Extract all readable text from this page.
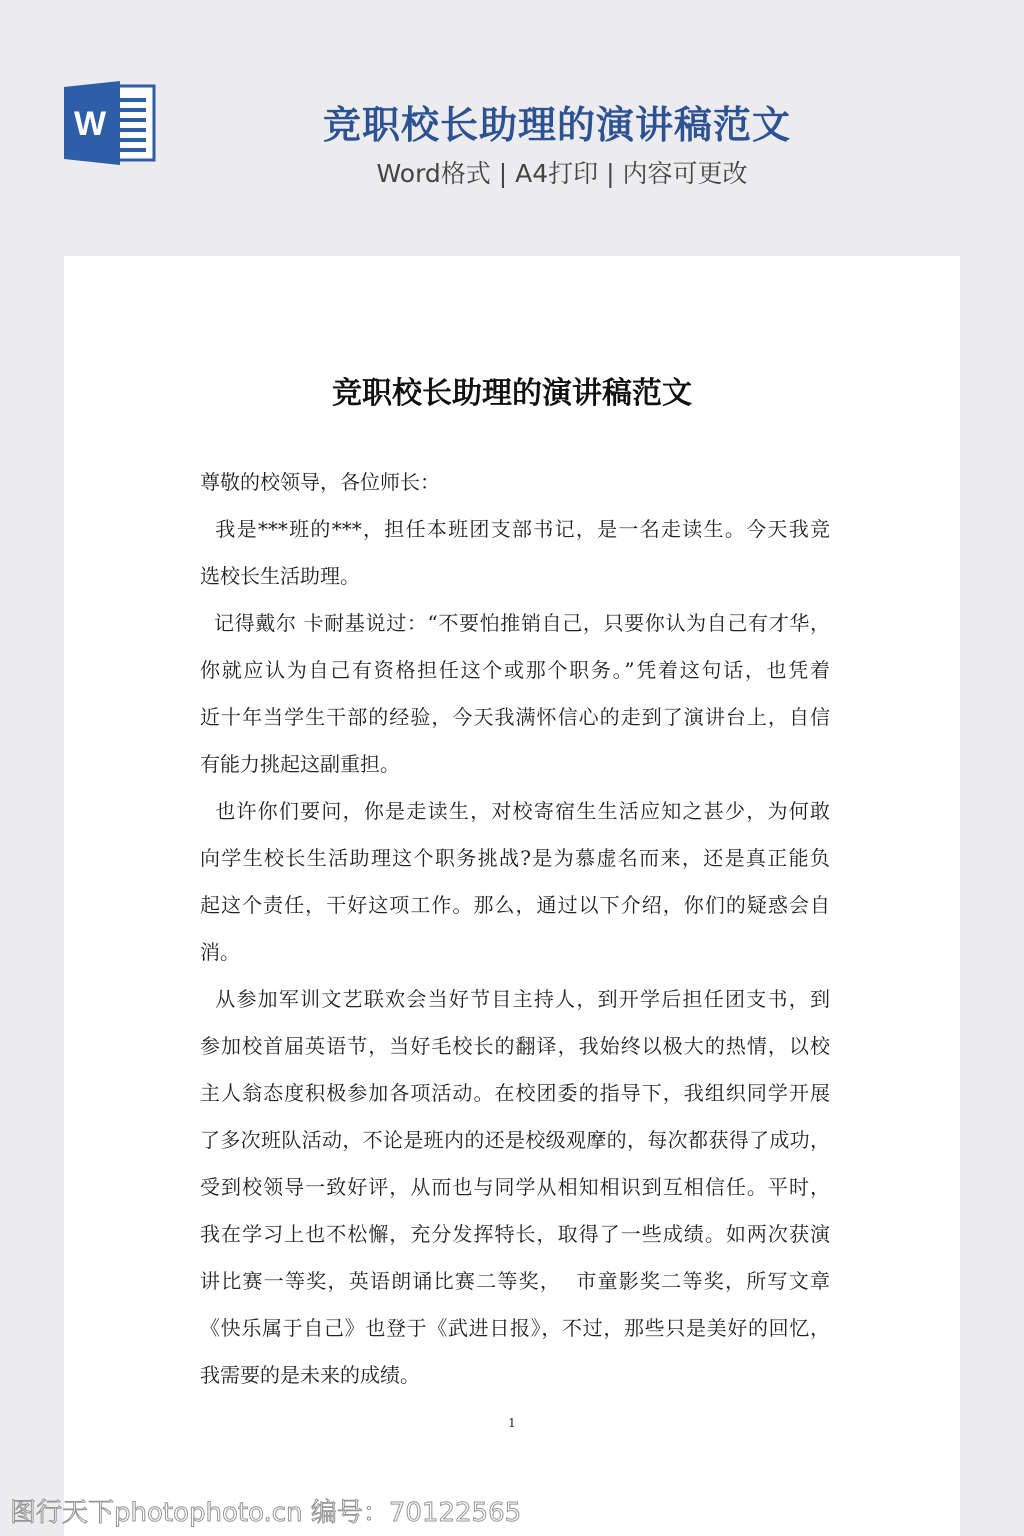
W	竞职校长助理的演讲稿范文
Word格式 | A4打印 | 内容可更改
竞职校长助理的演讲稿范文
尊敬的校领导，各位师长：
我是***班的***，担任本班团支部书记，是一名走读生。今天我竞
选校长生活助理。
记得戴尔 卡耐基说过：“不要怕推销自己，只要你认为自己有才华，
你就应认为自己有资格担任这个或那个职务。”凭着这句话，也凭着
近十年当学生干部的经验，今天我满怀信心的走到了演讲台上，自信
有能力挑起这副重担。
也许你们要问，你是走读生，对校寄宿生生活应知之甚少，为何敢
向学生校长生活助理这个职务挑战?是为慕虚名而来，还是真正能负
起这个责任，干好这项工作。那么，通过以下介绍，你们的疑惑会自
消。
从参加军训文艺联欢会当好节目主持人，到开学后担任团支书，到
参加校首届英语节，当好毛校长的翻译，我始终以极大的热情，以校
主人翁态度积极参加各项活动。在校团委的指导下，我组织同学开展
了多次班队活动，不论是班内的还是校级观摩的，每次都获得了成功，
受到校领导一致好评，从而也与同学从相知相识到互相信任。平时，
我在学习上也不松懈，充分发挥特长，取得了一些成绩。如两次获演
讲比赛一等奖，英语朗诵比赛二等奖，  市童影奖二等奖，所写文章
《快乐属于自己》也登于《武进日报》，不过，那些只是美好的回忆，
我需要的是未来的成绩。
1
图行天下photophoto.cn 编号：70122565
